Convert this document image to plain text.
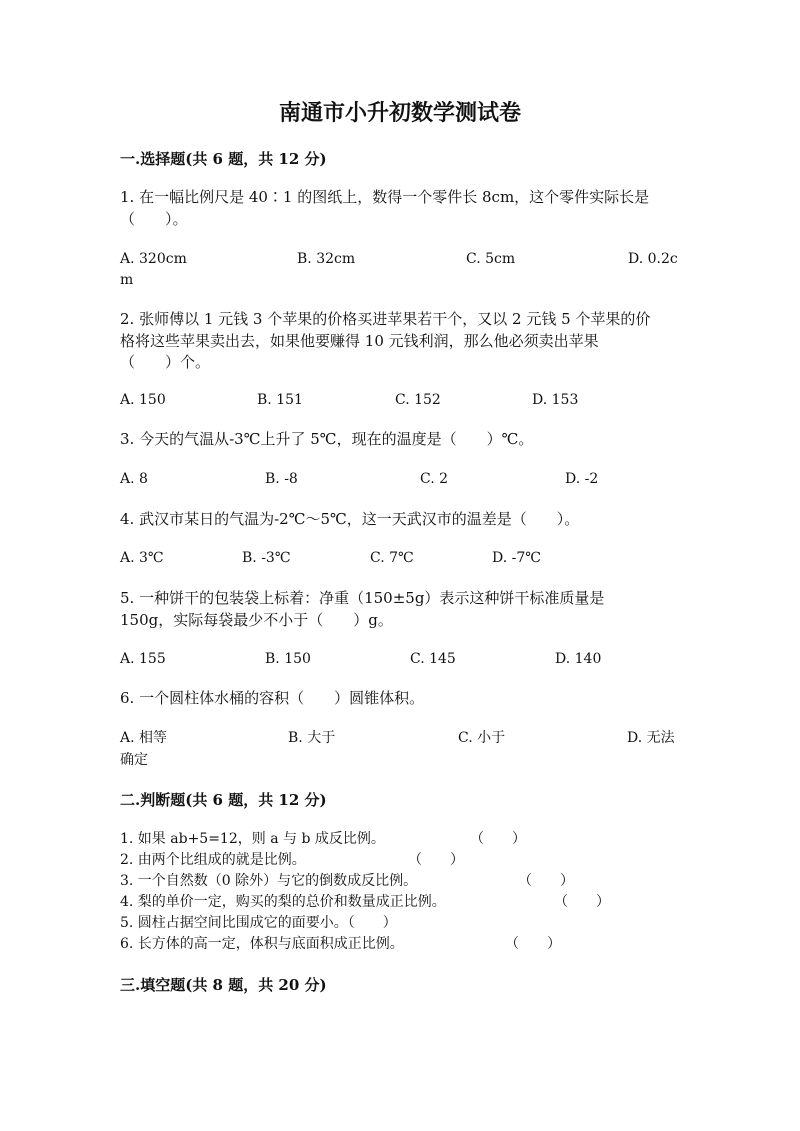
南通市小升初数学测试卷
一.选择题(共 6 题，共 12 分)
1. 在一幅比例尺是 40∶1 的图纸上，数得一个零件长 8cm，这个零件实际长是
（　　）。
A. 320cm	B. 32cm	C. 5cm	D. 0.2c
m
2. 张师傅以 1 元钱 3 个苹果的价格买进苹果若干个，又以 2 元钱 5 个苹果的价
格将这些苹果卖出去，如果他要赚得 10 元钱利润，那么他必须卖出苹果
（　　）个。
A. 150	B. 151	C. 152	D. 153
3. 今天的气温从-3℃上升了 5℃，现在的温度是（　　）℃。
A. 8	B. -8	C. 2	D. -2
4. 武汉市某日的气温为-2℃～5℃，这一天武汉市的温差是（　　）。
A. 3℃	B. -3℃	C. 7℃	D. -7℃
5. 一种饼干的包装袋上标着：净重（150±5g）表示这种饼干标准质量是
150g，实际每袋最少不小于（　　）g。
A. 155	B. 150	C. 145	D. 140
6. 一个圆柱体水桶的容积（　　）圆锥体积。
A. 相等	B. 大于	C. 小于	D. 无法
确定
二.判断题(共 6 题，共 12 分)
1. 如果 ab+5=12，则 a 与 b 成反比例。	（　　）
2. 由两个比组成的就是比例。	（　　）
3. 一个自然数（0 除外）与它的倒数成反比例。	（　　）
4. 梨的单价一定，购买的梨的总价和数量成正比例。	（　　）
5. 圆柱占据空间比围成它的面要小。（　　）
6. 长方体的高一定，体积与底面积成正比例。	（　　）
三.填空题(共 8 题，共 20 分)
